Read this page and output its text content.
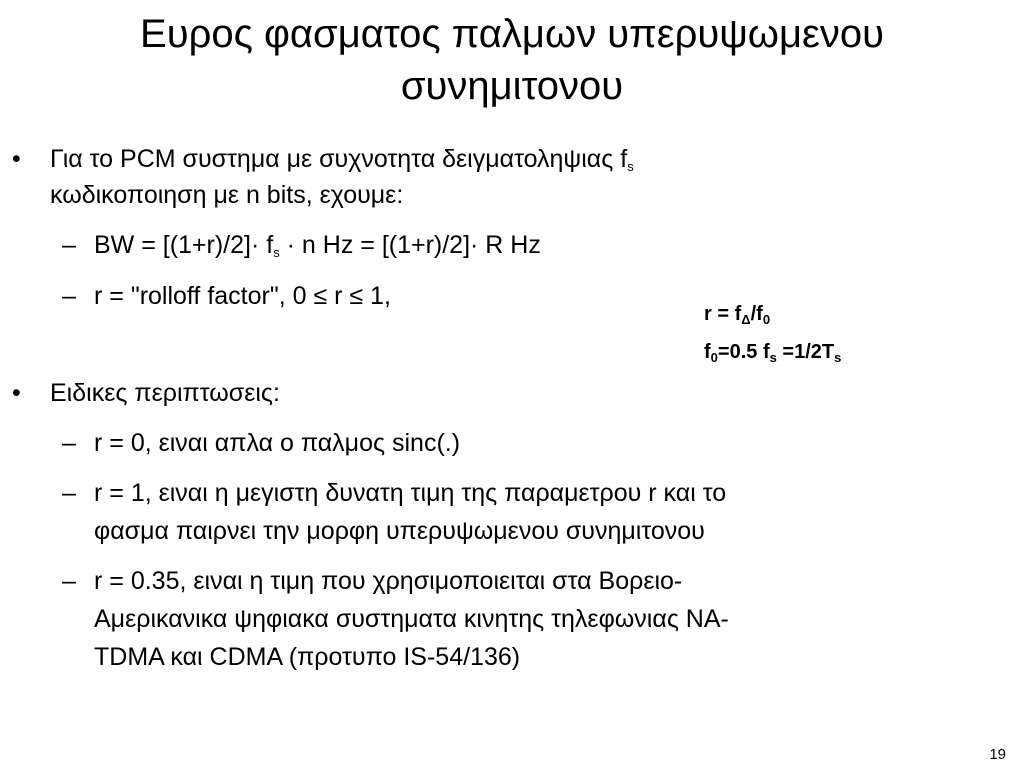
Ευρος φασματος παλμων υπερυψωμενου
συνημιτονου
• Για το PCM συστημα με συχνοτητα δειγματοληψιας $f_s$
κωδικοποιηση με n bits, εχουμε:
– BW = $[(1+r)/2]\cdot f_s \cdot n$ Hz = [(1+r)/2]· R Hz
– r = "rolloff factor", 0 ≤ r ≤ 1,
$r = f_\Delta/f_0$
$f_0=0.5$ $f_s =1/2T_s$
• Ειδικες περιπτωσεις:
– r = 0, ειναι απλα ο παλμος sinc(.)
– r = 1, ειναι η μεγιστη δυνατη τιμη της παραμετρου r και το
φασμα παιρνει την μορφη υπερυψωμενου συνημιτονου
– r = 0.35, ειναι η τιμη που χρησιμοποιειται στα Βορειο-
Αμερικανικα ψηφιακα συστηματα κινητης τηλεφωνιας ΝΑ-
TDMA και CDMA (προτυπο IS-54/136)
19
